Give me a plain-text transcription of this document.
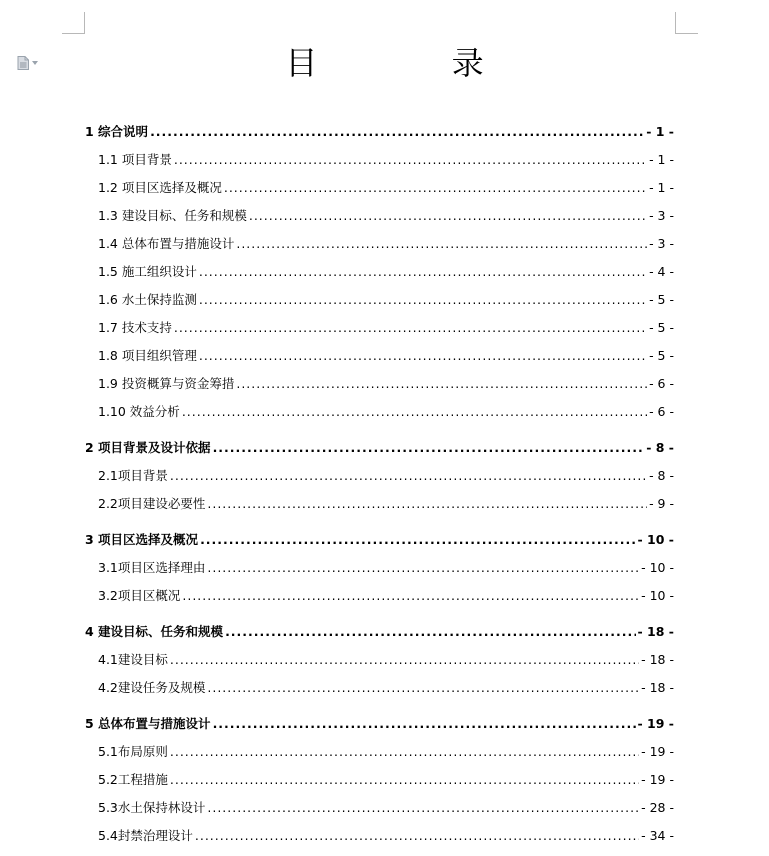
目 录
1 综合说明 .....	- 1 -
1.1 项目背景 .....	- 1 -
1.2 项目区选择及概况 .....	- 1 -
1.3 建设目标、任务和规模 .....	- 3 -
1.4 总体布置与措施设计 .....	- 3 -
1.5 施工组织设计 .....	- 4 -
1.6 水土保持监测 .....	- 5 -
1.7 技术支持 .....	- 5 -
1.8 项目组织管理 .....	- 5 -
1.9 投资概算与资金筹措 .....	- 6 -
1.10 效益分析 .....	- 6 -
2 项目背景及设计依据 .....	- 8 -
2.1项目背景 .....	- 8 -
2.2项目建设必要性 .....	- 9 -
3 项目区选择及概况 .....	- 10 -
3.1项目区选择理由 .....	- 10 -
3.2项目区概况 .....	- 10 -
4 建设目标、任务和规模 .....	- 18 -
4.1建设目标 .....	- 18 -
4.2建设任务及规模 .....	- 18 -
5 总体布置与措施设计 .....	- 19 -
5.1布局原则 .....	- 19 -
5.2工程措施 .....	- 19 -
5.3水土保持林设计 .....	- 28 -
5.4封禁治理设计 .....	- 34 -
